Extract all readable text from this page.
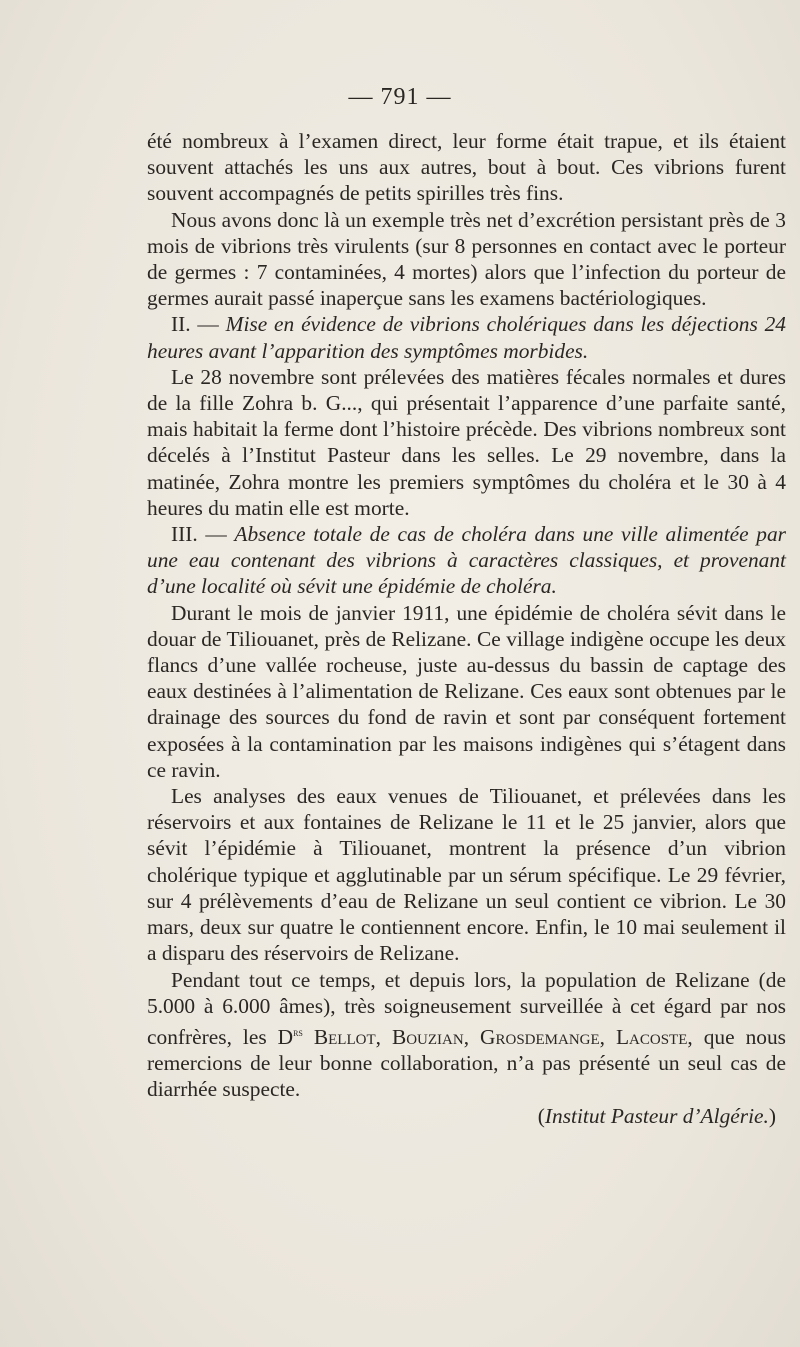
— 791 —

été nombreux à l’examen direct, leur forme était trapue, et ils étaient souvent attachés les uns aux autres, bout à bout. Ces vibrions furent souvent accompagnés de petits spirilles très fins.

Nous avons donc là un exemple très net d’excrétion persistant près de 3 mois de vibrions très virulents (sur 8 personnes en contact avec le porteur de germes : 7 contaminées, 4 mortes) alors que l’infection du porteur de germes aurait passé inaperçue sans les examens bactériologiques.

II. — Mise en évidence de vibrions cholériques dans les déjections 24 heures avant l’apparition des symptômes morbides.

Le 28 novembre sont prélevées des matières fécales normales et dures de la fille Zohra b. G..., qui présentait l’apparence d’une parfaite santé, mais habitait la ferme dont l’histoire précède. Des vibrions nombreux sont décelés à l’Institut Pasteur dans les selles. Le 29 novembre, dans la matinée, Zohra montre les premiers symptômes du choléra et le 30 à 4 heures du matin elle est morte.

III. — Absence totale de cas de choléra dans une ville alimentée par une eau contenant des vibrions à caractères classiques, et provenant d’une localité où sévit une épidémie de choléra.

Durant le mois de janvier 1911, une épidémie de choléra sévit dans le douar de Tiliouanet, près de Relizane. Ce village indigène occupe les deux flancs d’une vallée rocheuse, juste au-dessus du bassin de captage des eaux destinées à l’alimentation de Relizane. Ces eaux sont obtenues par le drainage des sources du fond de ravin et sont par conséquent fortement exposées à la contamination par les maisons indigènes qui s’étagent dans ce ravin.

Les analyses des eaux venues de Tiliouanet, et prélevées dans les réservoirs et aux fontaines de Relizane le 11 et le 25 janvier, alors que sévit l’épidémie à Tiliouanet, montrent la présence d’un vibrion cholérique typique et agglutinable par un sérum spécifique. Le 29 février, sur 4 prélèvements d’eau de Relizane un seul contient ce vibrion. Le 30 mars, deux sur quatre le contiennent encore. Enfin, le 10 mai seulement il a disparu des réservoirs de Relizane.

Pendant tout ce temps, et depuis lors, la population de Relizane (de 5.000 à 6.000 âmes), très soigneusement surveillée à cet égard par nos confrères, les $D^{rs}$ Bellot, Bouzian, Grosdemange, Lacoste, que nous remercions de leur bonne collaboration, n’a pas présenté un seul cas de diarrhée suspecte.

(Institut Pasteur d’Algérie.)
